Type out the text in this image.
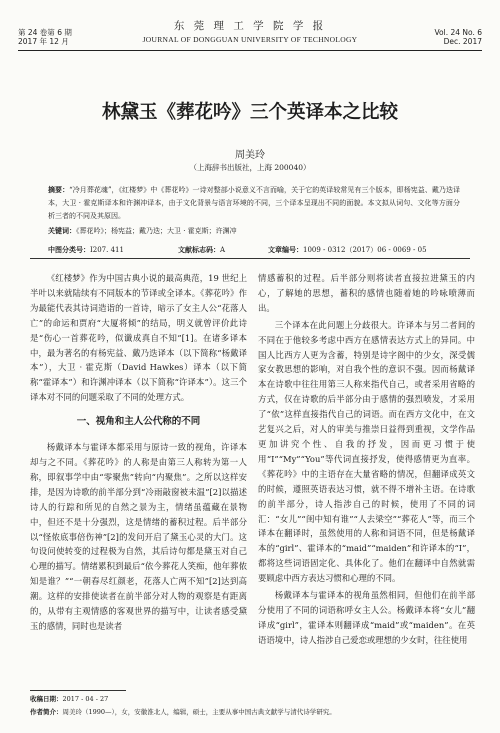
第 24 卷第 6 期
2017 年 12 月
东 莞 理 工 学 院 学 报
JOURNAL OF DONGGUAN UNIVERSITY OF TECHNOLOGY
Vol. 24 No. 6
Dec. 2017
林黛玉《葬花吟》三个英译本之比较
周美玲
（上海辞书出版社，上海 200040）
摘要：“冷月葬花魂”，《红楼梦》中《葬花吟》一诗对整部小说意义不言而喻，关于它的英译较常见有三个版本，即杨宪益、戴乃迭译本，大卫 · 霍克斯译本和许渊冲译本，由于文化背景与语言环境的不同，三个译本呈现出不同的面貌。本文拟从词句、文化等方面分析三者的不同及其原因。
关键词：《葬花吟》；杨宪益；戴乃迭；大卫 · 霍克斯；许渊冲
中图分类号： I207. 411	文献标志码： A	文章编号： 1009 - 0312（2017）06 - 0069 - 05

《红楼梦》作为中国古典小说的最高典范，19 世纪上半叶以来就陆续有不同版本的节译或全译本。《葬花吟》作为最能代表其诗词造诣的一首诗，暗示了女主人公“花落人亡”的命运和贾府“大厦将倾”的结局，明义就曾评价此诗是“伤心一首葬花吟，似谶成真自不知”[1]。在诸多译本中，最为著名的有杨宪益、戴乃迭译本（以下简称“杨戴译本”），大卫 · 霍克斯（David Hawkes）译本（以下简称“霍译本”）和许渊冲译本（以下简称“许译本”）。这三个译本对不同的问题采取了不同的处理方式。

一、视角和主人公代称的不同

杨戴译本与霍译本都采用与原诗一致的视角，许译本却与之不同。《葬花吟》的人称是由第三人称转为第一人称，即叙事学中由“零聚焦”转向“内聚焦”。之所以这样安排，是因为诗歌的前半部分到“冷雨敲窗被未温”[2]以描述诗人的行踪和所见的自然之景为主，情绪虽蕴藏在景物中，但还不是十分强烈，这是情绪的蓄积过程。后半部分以“怪侬底事倍伤神”[2]的发问开启了黛玉心灵的大门。这句设问使转变的过程极为自然，其后诗句都是黛玉对自己心理的描写。情绪累积到最后“依今葬花人笑痴，他年葬侬知是谁？”“一朝春尽红颜老，花落人亡两不知”[2]达到高潮。这样的安排使读者在前半部分对人物的观察是有距离的，从带有主观情感的客观世界的描写中，让读者感受黛玉的感情，同时也是读者

情感蓄积的过程。后半部分则将读者直接拉进黛玉的内心，了解她的思想，蓄积的感情也随着她的吟咏喷薄而出。

三个译本在此问题上分歧很大。许译本与另二者间的不同在于他较多考虑中西方在感情表达方式上的异同。中国人比西方人更为含蓄，特别是诗字阁中的少女，深受儒家女教思想的影响，对自我个性的意识不强。因而杨戴译本在诗歌中往往用第三人称来指代自己，或者采用省略的方式，仅在诗歌的后半部分由于感情的强烈喷发，才采用了“依”这样直接指代自己的词语。而在西方文化中，在文艺复兴之后，对人的审美与推崇日益得到重视，文学作品更加讲究个性、自我的抒发，因而更习惯于使用“I”“My”“You”等代词直接抒发，使得感情更为直率。《葬花吟》中的主语存在大量省略的情况，但翻译成英文的时候，遵照英语表达习惯，就不得不增补主语。在诗歌的前半部分，诗人指涉自己的时候，使用了不同的词汇：“女儿”“闺中知有谁”“人去梁空”“葬花人”等，而三个译本在翻译时，虽然使用的人称和词语不同，但是杨戴译本的“girl”、霍译本的“maid”“maiden”和许译本的“I”，都将这些词语固定化、具体化了。他们在翻译中自然就需要顾虑中西方表达习惯和心理的不同。

杨戴译本与霍译本的视角虽然相同，但他们在前半部分使用了不同的词语称呼女主人公。杨戴译本将“女儿”翻译成“girl”，霍译本则翻译成“maid”或“maiden”。在英语语境中，诗人指涉自己爱恋或理想的少女时，往往使用

收稿日期：2017 - 04 - 27
作者简介：周美玲（1990—），女，安徽淮北人，编辑，硕士，主要从事中国古典文献学与清代诗学研究。
